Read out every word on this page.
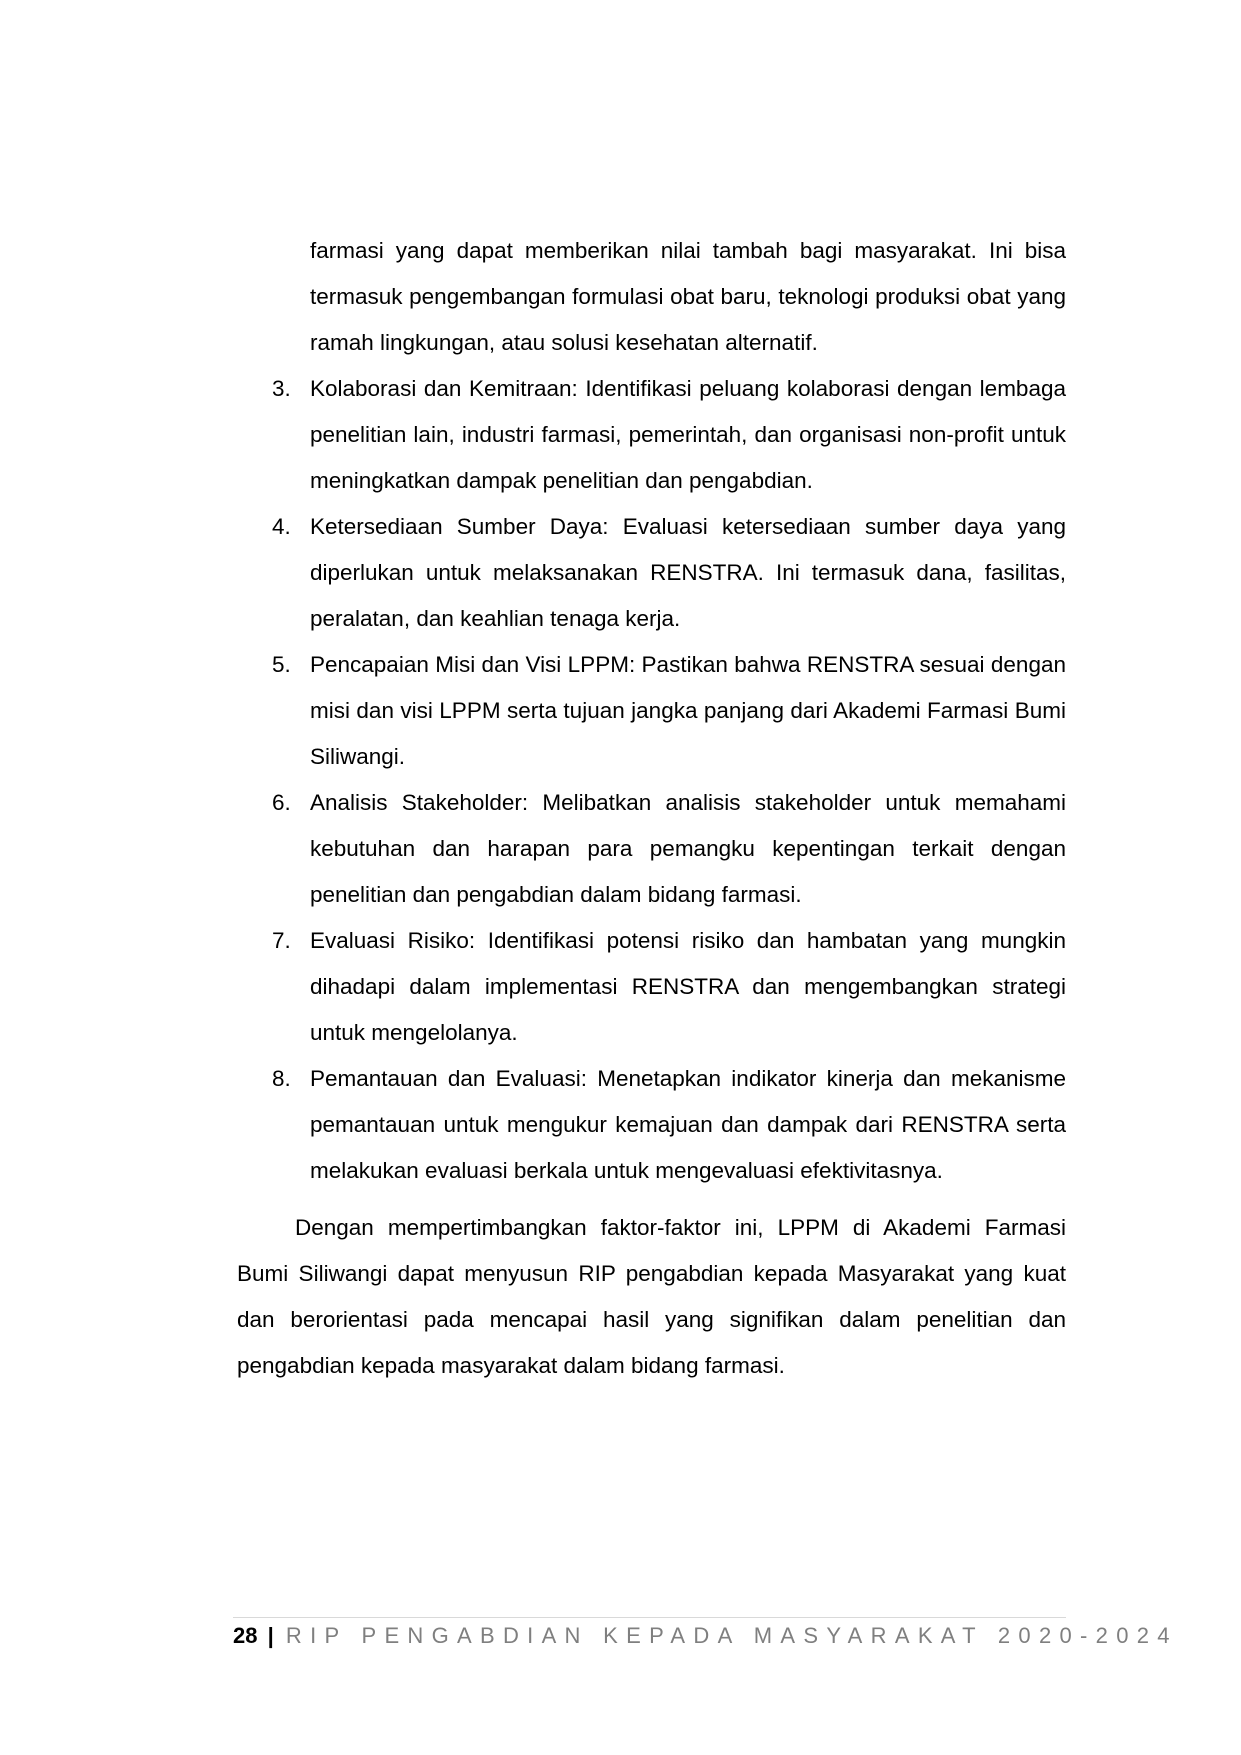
farmasi yang dapat memberikan nilai tambah bagi masyarakat. Ini bisa termasuk pengembangan formulasi obat baru, teknologi produksi obat yang ramah lingkungan, atau solusi kesehatan alternatif.

3. Kolaborasi dan Kemitraan: Identifikasi peluang kolaborasi dengan lembaga penelitian lain, industri farmasi, pemerintah, dan organisasi non-profit untuk meningkatkan dampak penelitian dan pengabdian.
4. Ketersediaan Sumber Daya: Evaluasi ketersediaan sumber daya yang diperlukan untuk melaksanakan RENSTRA. Ini termasuk dana, fasilitas, peralatan, dan keahlian tenaga kerja.
5. Pencapaian Misi dan Visi LPPM: Pastikan bahwa RENSTRA sesuai dengan misi dan visi LPPM serta tujuan jangka panjang dari Akademi Farmasi Bumi Siliwangi.
6. Analisis Stakeholder: Melibatkan analisis stakeholder untuk memahami kebutuhan dan harapan para pemangku kepentingan terkait dengan penelitian dan pengabdian dalam bidang farmasi.
7. Evaluasi Risiko: Identifikasi potensi risiko dan hambatan yang mungkin dihadapi dalam implementasi RENSTRA dan mengembangkan strategi untuk mengelolanya.
8. Pemantauan dan Evaluasi: Menetapkan indikator kinerja dan mekanisme pemantauan untuk mengukur kemajuan dan dampak dari RENSTRA serta melakukan evaluasi berkala untuk mengevaluasi efektivitasnya.

Dengan mempertimbangkan faktor-faktor ini, LPPM di Akademi Farmasi Bumi Siliwangi dapat menyusun RIP pengabdian kepada Masyarakat yang kuat dan berorientasi pada mencapai hasil yang signifikan dalam penelitian dan pengabdian kepada masyarakat dalam bidang farmasi.

28 | RIP PENGABDIAN KEPADA MASYARAKAT 2020-2024
